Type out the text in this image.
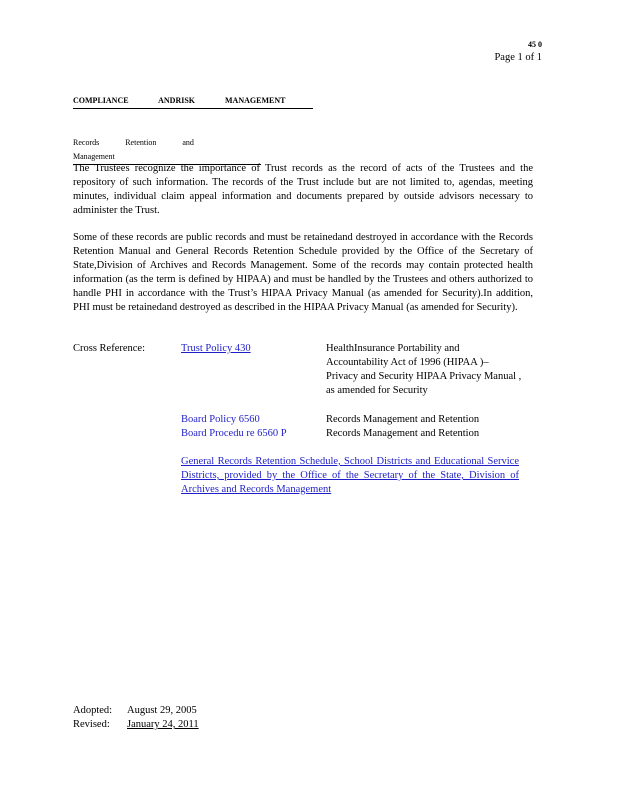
45 0
Page 1 of 1
COMPLIANCE ANDRISK MANAGEMENT
Records Retention and Management
The Trustees recognize the importance of Trust records as the record of acts of the Trustees and the repository of such information. The records of the Trust include but are not limited to, agendas, meeting minutes, individual claim appeal information and documents prepared by outside advisors necessary to administer the Trust.
Some of these records are public records and must be retainedand destroyed in accordance with the Records Retention Manual and General Records Retention Schedule provided by the Office of the Secretary of State,Division of Archives and Records Management. Some of the records may contain protected health information (as the term is defined by HIPAA) and must be handled by the Trustees and others authorized to handle PHI in accordance with the Trust’s HIPAA Privacy Manual (as amended for Security).In addition, PHI must be retainedand destroyed as described in the HIPAA Privacy Manual (as amended for Security).
Cross Reference:	Trust Policy 430	HealthInsurance Portability and Accountability Act of 1996 (HIPAA )– Privacy and Security HIPAA Privacy Manual , as amended for Security
Board Policy 6560	Records Management and Retention
Board Procedu re 6560 P	Records Management and Retention
General Records Retention Schedule, School Districts and Educational Service Districts, provided by the Office of the Secretary of the State, Division of Archives and Records Management
Adopted: August 29, 2005
Revised: January 24, 2011
